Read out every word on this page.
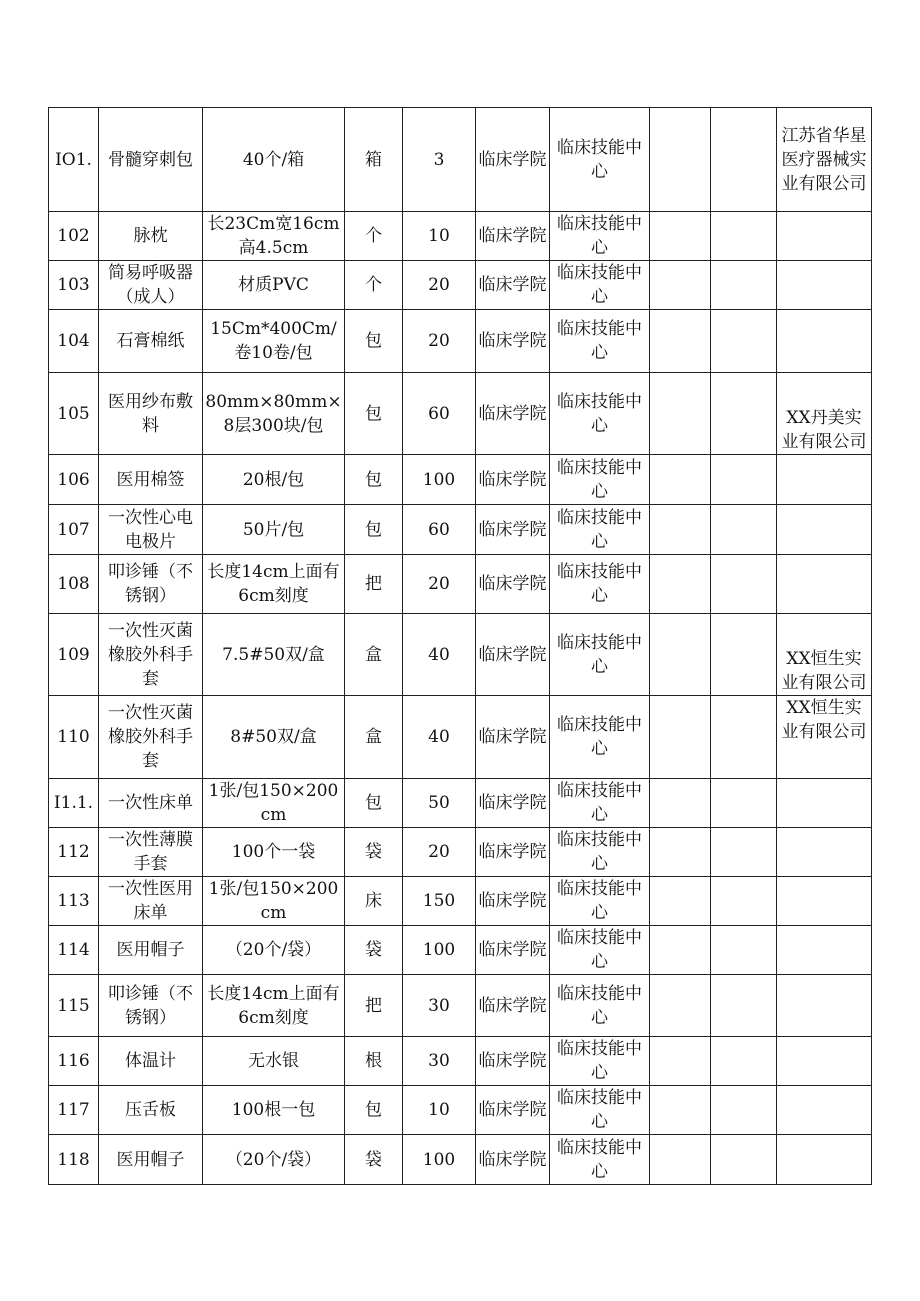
IO1.	骨髓穿刺包	40个/箱	箱	3	临床学院	临床技能中心			江苏省华星医疗器械实业有限公司
102	脉枕	长23Cm宽16cm高4.5cm	个	10	临床学院	临床技能中心			
103	简易呼吸器（成人）	材质PVC	个	20	临床学院	临床技能中心			
104	石膏棉纸	15Cm*400Cm/卷10卷/包	包	20	临床学院	临床技能中心			
105	医用纱布敷料	80mm×80mm×8层300块/包	包	60	临床学院	临床技能中心			XX丹美实业有限公司
106	医用棉签	20根/包	包	100	临床学院	临床技能中心			
107	一次性心电电极片	50片/包	包	60	临床学院	临床技能中心			
108	叩诊锤（不锈钢）	长度14cm上面有6cm刻度	把	20	临床学院	临床技能中心			
109	一次性灭菌橡胶外科手套	7.5#50双/盒	盒	40	临床学院	临床技能中心			XX恒生实业有限公司
110	一次性灭菌橡胶外科手套	8#50双/盒	盒	40	临床学院	临床技能中心			XX恒生实业有限公司
I1.1.	一次性床单	1张/包150×200cm	包	50	临床学院	临床技能中心			
112	一次性薄膜手套	100个一袋	袋	20	临床学院	临床技能中心			
113	一次性医用床单	1张/包150×200cm	床	150	临床学院	临床技能中心			
114	医用帽子	（20个/袋）	袋	100	临床学院	临床技能中心			
115	叩诊锤（不锈钢）	长度14cm上面有6cm刻度	把	30	临床学院	临床技能中心			
116	体温计	无水银	根	30	临床学院	临床技能中心			
117	压舌板	100根一包	包	10	临床学院	临床技能中心			
118	医用帽子	（20个/袋）	袋	100	临床学院	临床技能中心			
